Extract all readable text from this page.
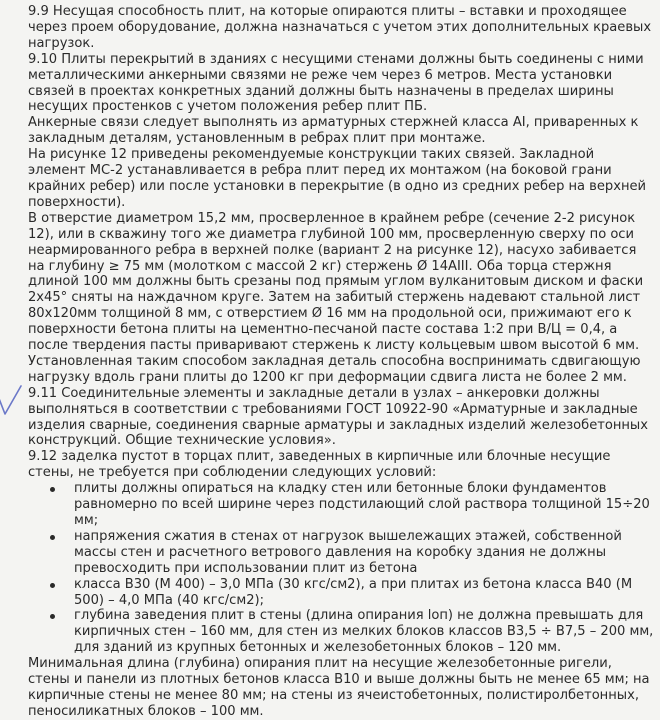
9.9 Несущая способность плит, на которые опираются плиты – вставки и проходящее через проем оборудование, должна назначаться с учетом этих дополнительных краевых нагрузок.

9.10 Плиты перекрытий в зданиях с несущими стенами должны быть соединены с ними металлическими анкерными связями не реже чем через 6 метров. Места установки связей в проектах конкретных зданий должны быть назначены в пределах ширины несущих простенков с учетом положения ребер плит ПБ.

Анкерные связи следует выполнять из арматурных стержней класса AI, приваренных к закладным деталям, установленным в ребрах плит при монтаже.

На рисунке 12 приведены рекомендуемые конструкции таких связей. Закладной элемент МС-2 устанавливается в ребра плит перед их монтажом (на боковой грани крайних ребер) или после установки в перекрытие (в одно из средних ребер на верхней поверхности).

В отверстие диаметром 15,2 мм, просверленное в крайнем ребре (сечение 2-2 рисунок 12), или в скважину того же диаметра глубиной 100 мм, просверленную сверху по оси неармированного ребра в верхней полке (вариант 2 на рисунке 12), насухо забивается на глубину ≥ 75 мм (молотком с массой 2 кг) стержень Ø 14AIII. Оба торца стержня длиной 100 мм должны быть срезаны под прямым углом вулканитовым диском и фаски 2х45° сняты на наждачном круге. Затем на забитый стержень надевают стальной лист 80х120мм толщиной 8 мм, с отверстием Ø 16 мм на продольной оси, прижимают его к поверхности бетона плиты на цементно-песчаной пасте состава 1:2 при В/Ц = 0,4, а после твердения пасты приваривают стержень к листу кольцевым швом высотой 6 мм.

Установленная таким способом закладная деталь способна воспринимать сдвигающую нагрузку вдоль грани плиты до 1200 кг при деформации сдвига листа не более 2 мм.

9.11 Соединительные элементы и закладные детали в узлах – анкеровки должны выполняться в соответствии с требованиями ГОСТ 10922-90 «Арматурные и закладные изделия сварные, соединения сварные арматуры и закладных изделий железобетонных конструкций. Общие технические условия».

9.12 заделка пустот в торцах плит, заведенных в кирпичные или блочные несущие стены, не требуется при соблюдении следующих условий:

плиты должны опираться на кладку стен или бетонные блоки фундаментов равномерно по всей ширине через подстилающий слой раствора толщиной 15÷20 мм;
напряжения сжатия в стенах от нагрузок вышележащих этажей, собственной массы стен и расчетного ветрового давления на коробку здания не должны превосходить при использовании плит из бетона
класса В30 (М 400) – 3,0 МПа (30 кгс/см2), а при плитах из бетона класса В40 (М 500) – 4,0 МПа (40 кгс/см2);
глубина заведения плит в стены (длина опирания lоп) не должна превышать для кирпичных стен – 160 мм, для стен из мелких блоков классов В3,5 ÷ В7,5 – 200 мм, для зданий из крупных бетонных и железобетонных блоков – 120 мм.

Минимальная длина (глубина) опирания плит на несущие железобетонные ригели, стены и панели из плотных бетонов класса В10 и выше должны быть не менее 65 мм; на кирпичные стены не менее 80 мм; на стены из ячеистобетонных, полистиролбетонных, пеносиликатных блоков – 100 мм.
